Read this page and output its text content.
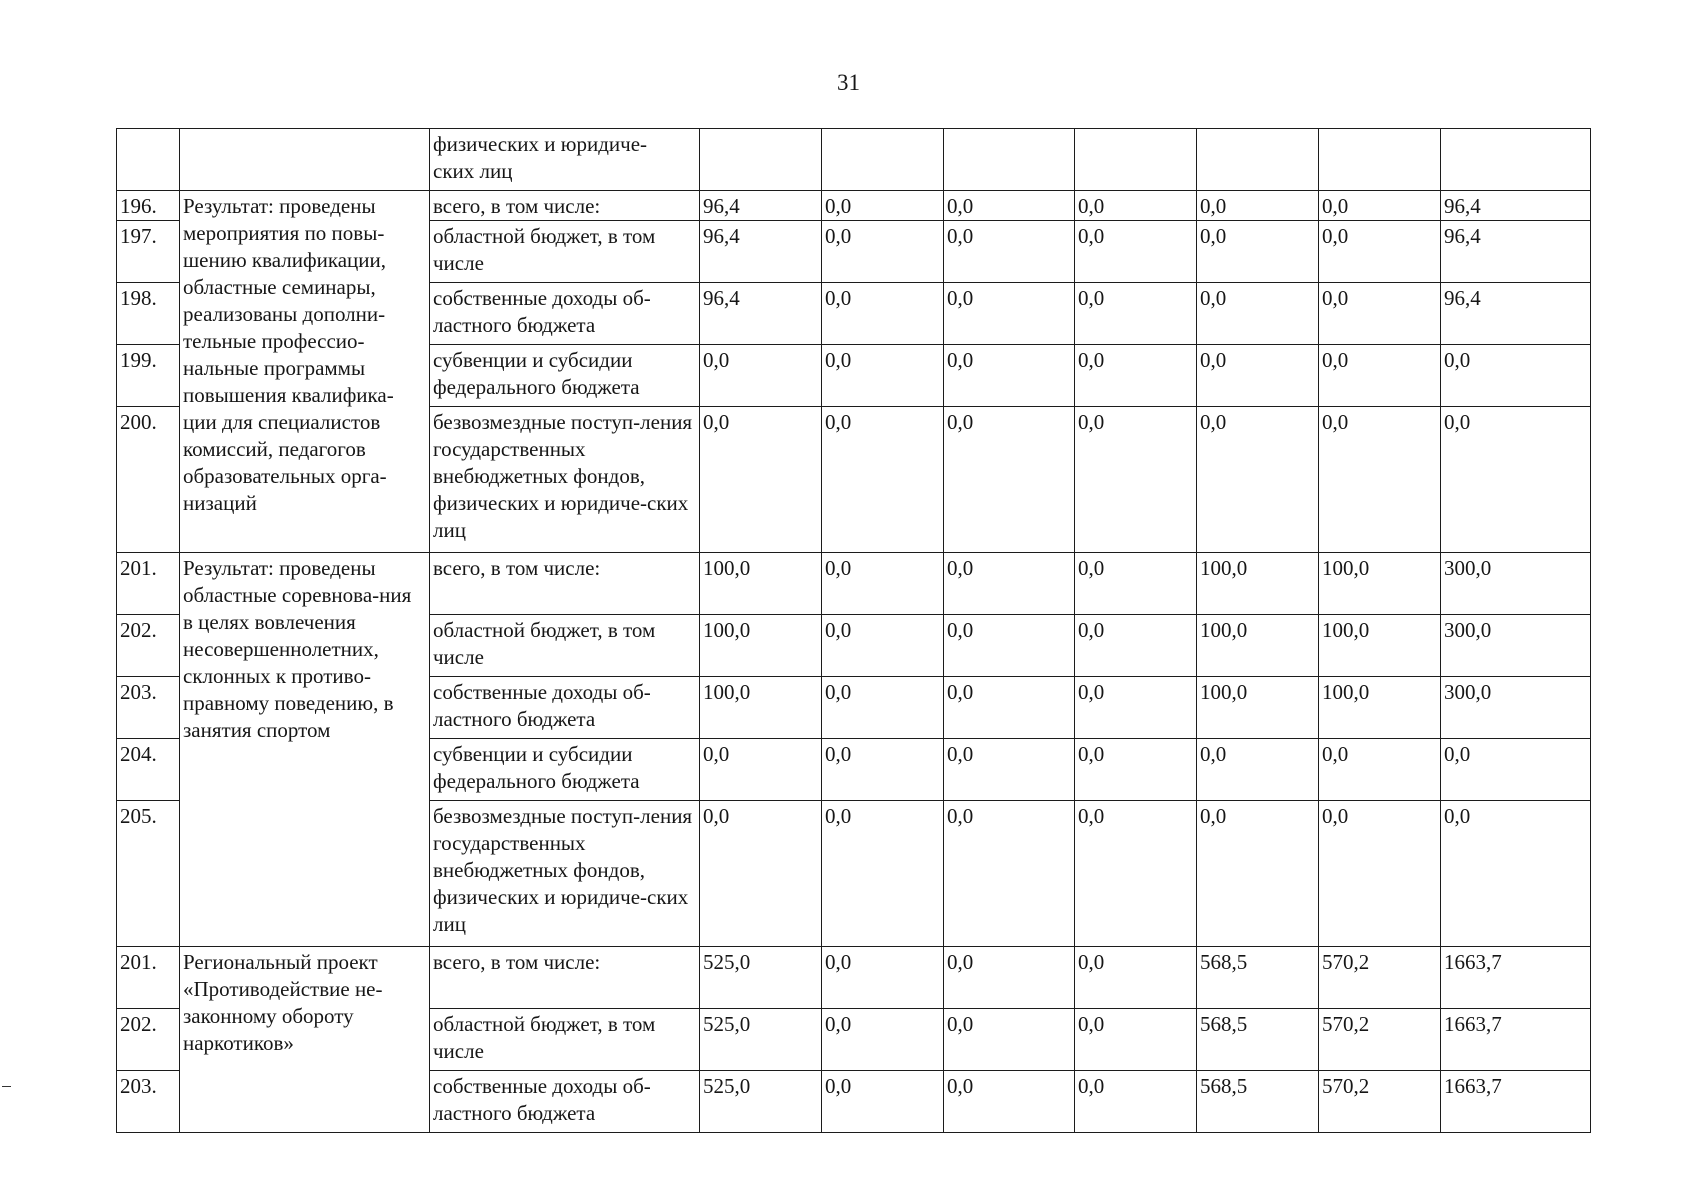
31
		физических и юридиче-
ских лиц							
196.	Результат: проведены мероприятия по повы-шению квалификации, областные семинары, реализованы дополни-тельные профессио-нальные программы повышения квалифика-ции для специалистов комиссий, педагогов образовательных орга-низаций	всего, в том числе:	96,4	0,0	0,0	0,0	0,0	0,0	96,4
197.		областной бюджет, в том числе	96,4	0,0	0,0	0,0	0,0	0,0	96,4
198.		собственные доходы об-ластного бюджета	96,4	0,0	0,0	0,0	0,0	0,0	96,4
199.		субвенции и субсидии федерального бюджета	0,0	0,0	0,0	0,0	0,0	0,0	0,0
200.		безвозмездные поступ-ления государственных внебюджетных фондов, физических и юридиче-ских лиц	0,0	0,0	0,0	0,0	0,0	0,0	0,0
201.	Результат: проведены областные соревнова-ния в целях вовлечения несовершеннолетних, склонных к противо-правному поведению, в занятия спортом	всего, в том числе:	100,0	0,0	0,0	0,0	100,0	100,0	300,0
202.		областной бюджет, в том числе	100,0	0,0	0,0	0,0	100,0	100,0	300,0
203.		собственные доходы об-ластного бюджета	100,0	0,0	0,0	0,0	100,0	100,0	300,0
204.		субвенции и субсидии федерального бюджета	0,0	0,0	0,0	0,0	0,0	0,0	0,0
205.		безвозмездные поступ-ления государственных внебюджетных фондов, физических и юридиче-ских лиц	0,0	0,0	0,0	0,0	0,0	0,0	0,0
201.	Региональный проект «Противодействие не-законному обороту наркотиков»	всего, в том числе:	525,0	0,0	0,0	0,0	568,5	570,2	1663,7
202.		областной бюджет, в том числе	525,0	0,0	0,0	0,0	568,5	570,2	1663,7
203.		собственные доходы об-ластного бюджета	525,0	0,0	0,0	0,0	568,5	570,2	1663,7
